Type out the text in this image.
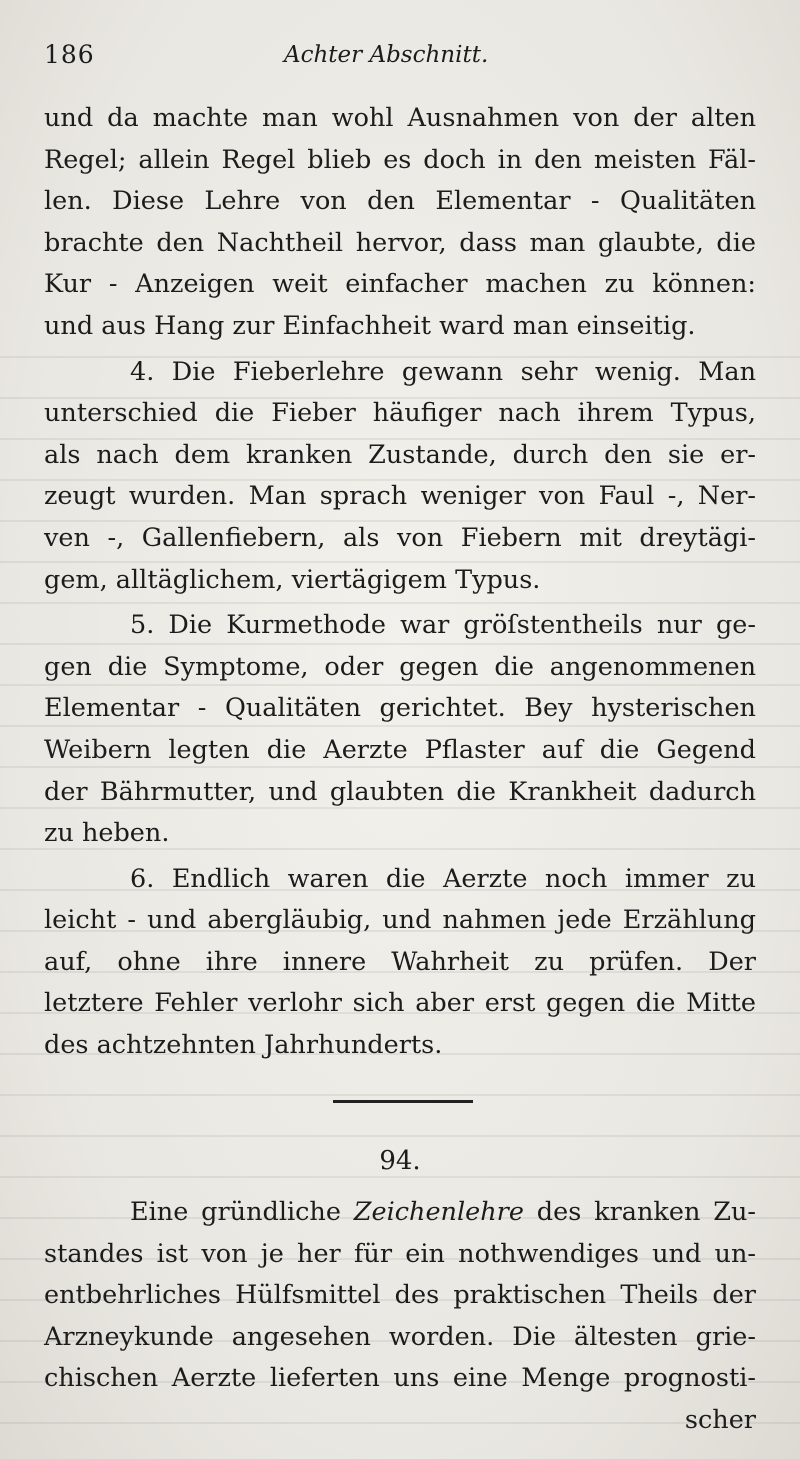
186	Achter Abschnitt.
und da machte man wohl Ausnahmen von der alten
Regel; allein Regel blieb es doch in den meisten Fäl-
len. Diese Lehre von den Elementar - Qualitäten
brachte den Nachtheil hervor, dass man glaubte, die
Kur - Anzeigen weit einfacher machen zu können:
und aus Hang zur Einfachheit ward man einseitig.
4. Die Fieberlehre gewann sehr wenig. Man
unterschied die Fieber häufiger nach ihrem Typus,
als nach dem kranken Zustande, durch den sie er-
zeugt wurden. Man sprach weniger von Faul -, Ner-
ven -, Gallenfiebern, als von Fiebern mit dreytägi-
gem, alltäglichem, viertägigem Typus.
5. Die Kurmethode war gröſstentheils nur ge-
gen die Symptome, oder gegen die angenommenen
Elementar - Qualitäten gerichtet. Bey hysterischen
Weibern legten die Aerzte Pflaster auf die Gegend
der Bährmutter, und glaubten die Krankheit dadurch
zu heben.
6. Endlich waren die Aerzte noch immer zu
leicht - und abergläubig, und nahmen jede Erzählung
auf, ohne ihre innere Wahrheit zu prüfen. Der
letztere Fehler verlohr sich aber erst gegen die Mitte
des achtzehnten Jahrhunderts.
94.
Eine gründliche Zeichenlehre des kranken Zu-
standes ist von je her für ein nothwendiges und un-
entbehrliches Hülfsmittel des praktischen Theils der
Arzneykunde angesehen worden. Die ältesten grie-
chischen Aerzte lieferten uns eine Menge prognosti-
scher
